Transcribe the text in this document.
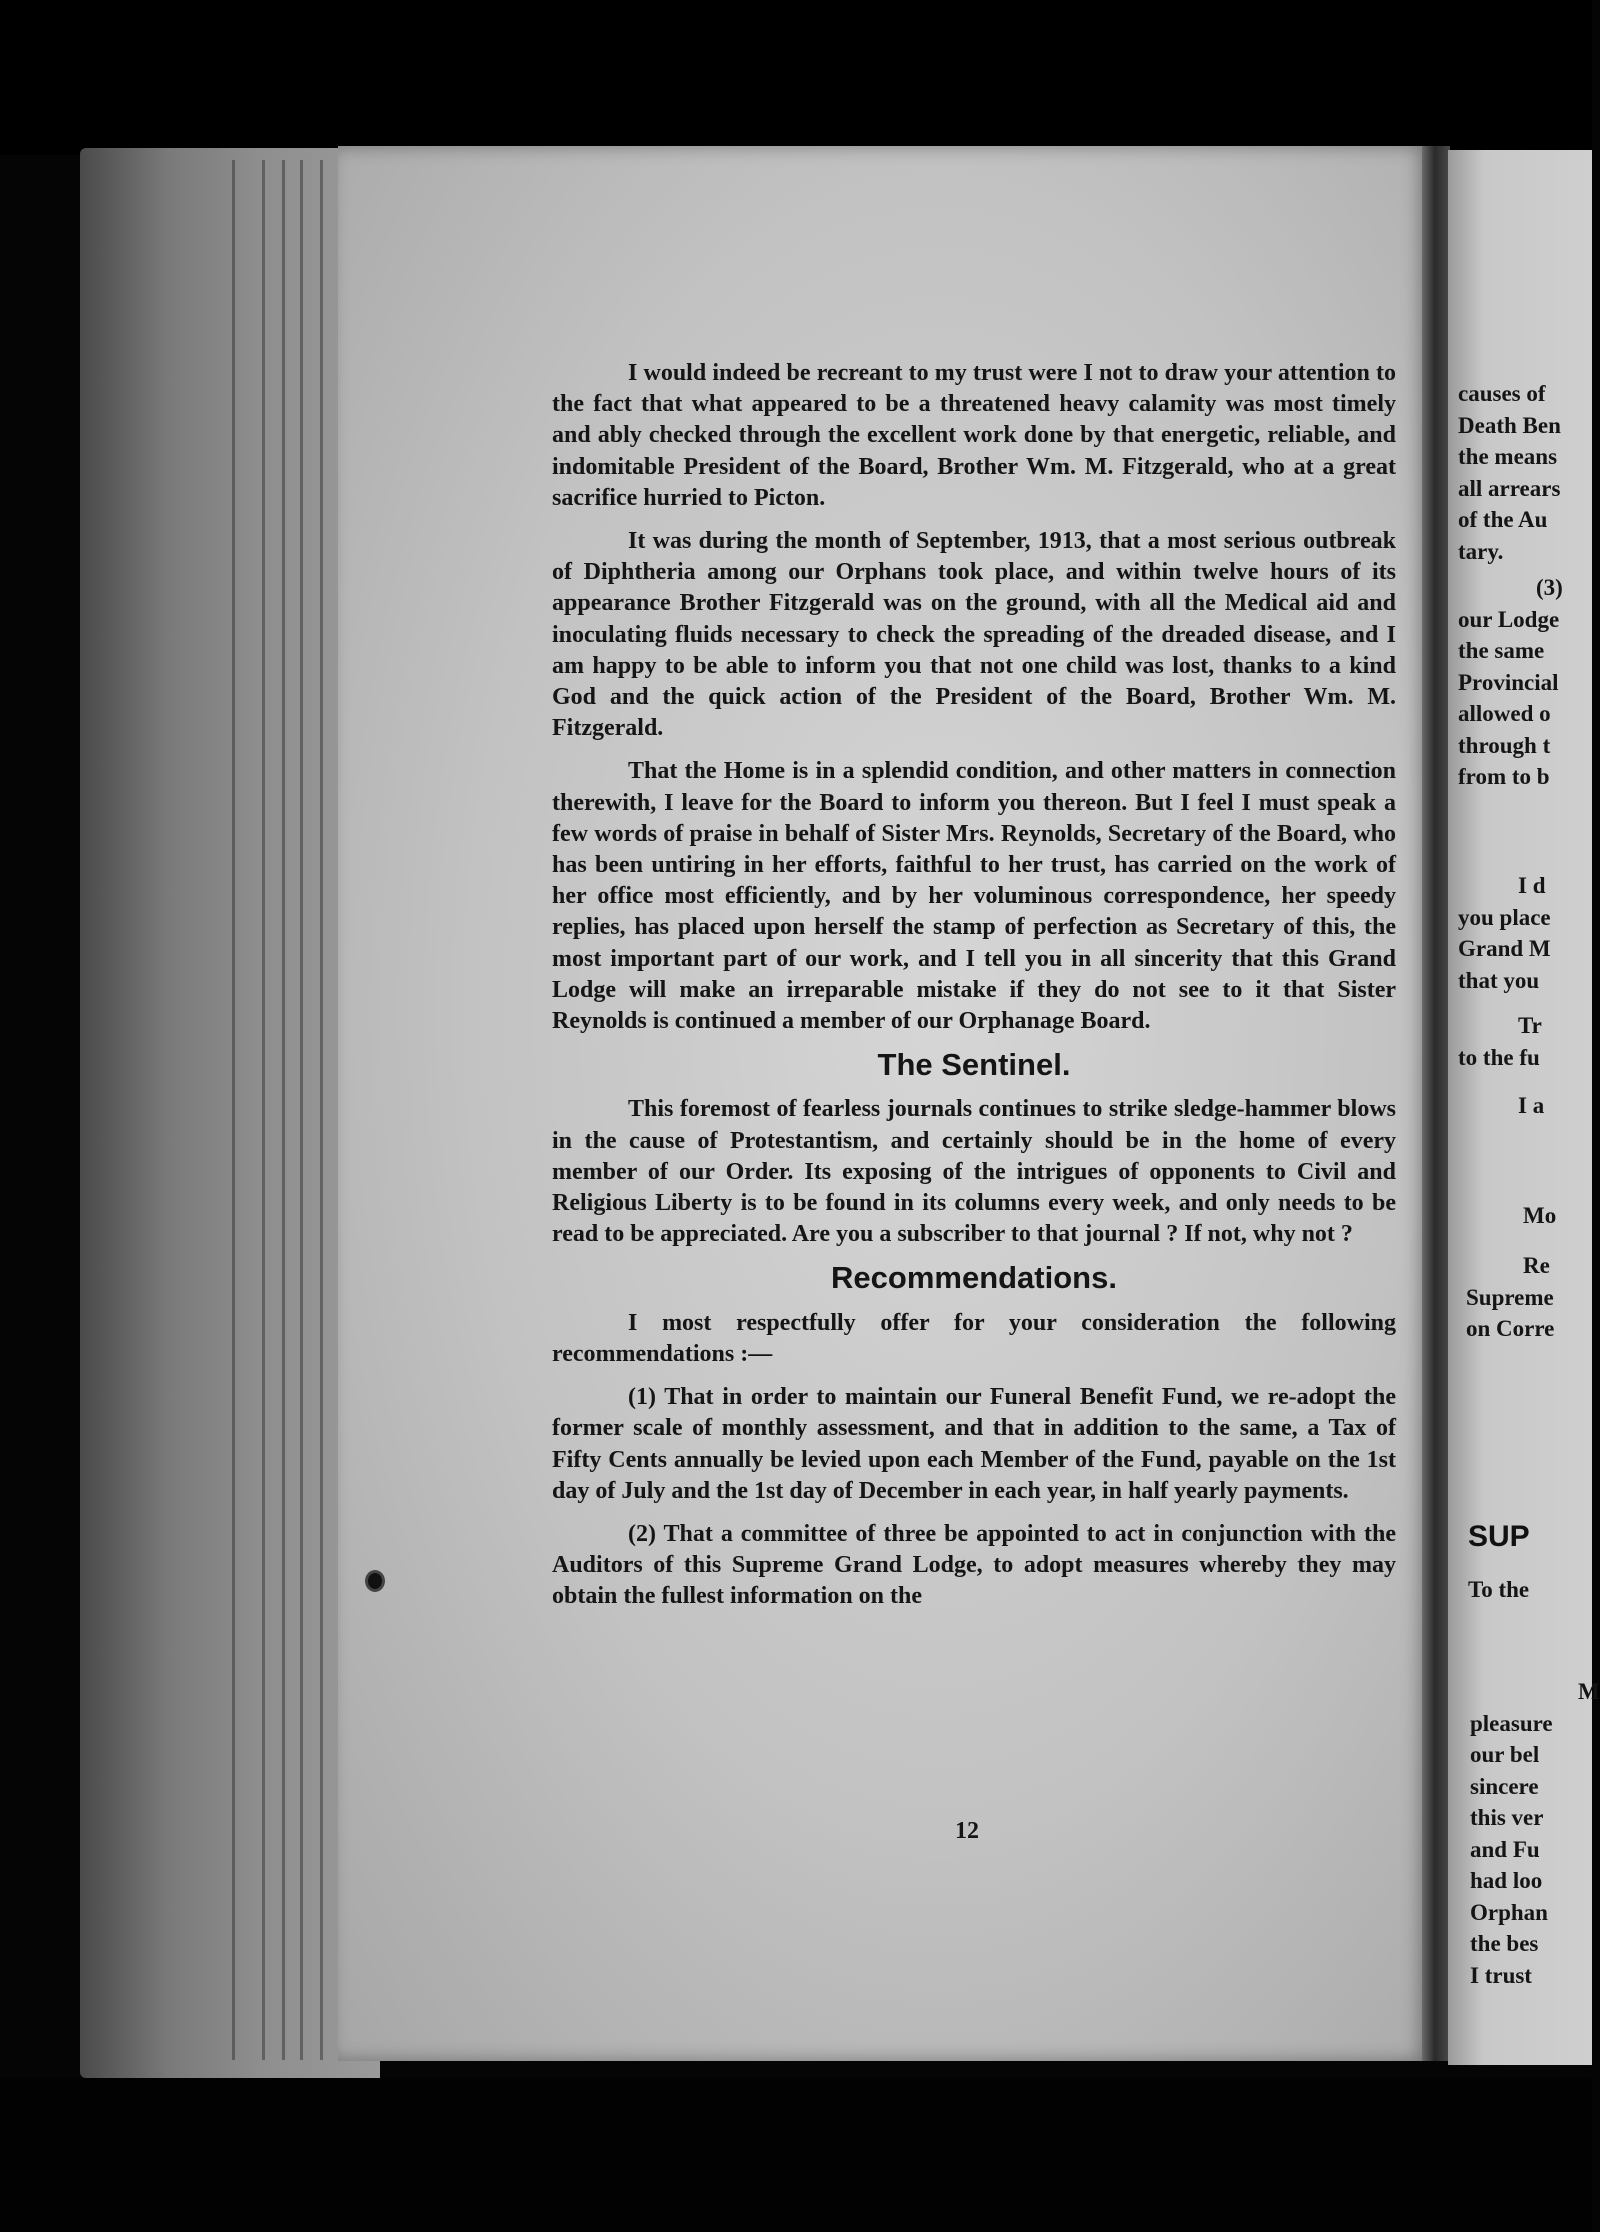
I would indeed be recreant to my trust were I not to draw your attention to the fact that what appeared to be a threatened heavy calamity was most timely and ably checked through the excellent work done by that energetic, reliable, and indomitable President of the Board, Brother Wm. M. Fitzgerald, who at a great sacrifice hurried to Picton.

It was during the month of September, 1913, that a most serious outbreak of Diphtheria among our Orphans took place, and within twelve hours of its appearance Brother Fitzgerald was on the ground, with all the Medical aid and inoculating fluids necessary to check the spreading of the dreaded disease, and I am happy to be able to inform you that not one child was lost, thanks to a kind God and the quick action of the President of the Board, Brother Wm. M. Fitzgerald.

That the Home is in a splendid condition, and other matters in connection therewith, I leave for the Board to inform you thereon. But I feel I must speak a few words of praise in behalf of Sister Mrs. Reynolds, Secretary of the Board, who has been untiring in her efforts, faithful to her trust, has carried on the work of her office most efficiently, and by her voluminous correspondence, her speedy replies, has placed upon herself the stamp of perfection as Secretary of this, the most important part of our work, and I tell you in all sincerity that this Grand Lodge will make an irreparable mistake if they do not see to it that Sister Reynolds is continued a member of our Orphanage Board.

The Sentinel.

This foremost of fearless journals continues to strike sledge-hammer blows in the cause of Protestantism, and certainly should be in the home of every member of our Order. Its exposing of the intrigues of opponents to Civil and Religious Liberty is to be found in its columns every week, and only needs to be read to be appreciated. Are you a subscriber to that journal ? If not, why not ?

Recommendations.

I most respectfully offer for your consideration the following recommendations :—

(1) That in order to maintain our Funeral Benefit Fund, we re-adopt the former scale of monthly assessment, and that in addition to the same, a Tax of Fifty Cents annually be levied upon each Member of the Fund, payable on the 1st day of July and the 1st day of December in each year, in half yearly payments.

(2) That a committee of three be appointed to act in conjunction with the Auditors of this Supreme Grand Lodge, to adopt measures whereby they may obtain the fullest information on the

12
causes of
Death Ben
the means
all arrears
of the Au
tary.
(3)
our Lodge
the same
Provincial
allowed o
through t
from to b
I d
you place
Grand M
that you
Tr
to the fu
I a
Mo
Re
Supreme
on Corre
SUP
To the
M
pleasure
our bel
sincere
this ver
and Fu
had loo
Orphan
the bes
I trust
